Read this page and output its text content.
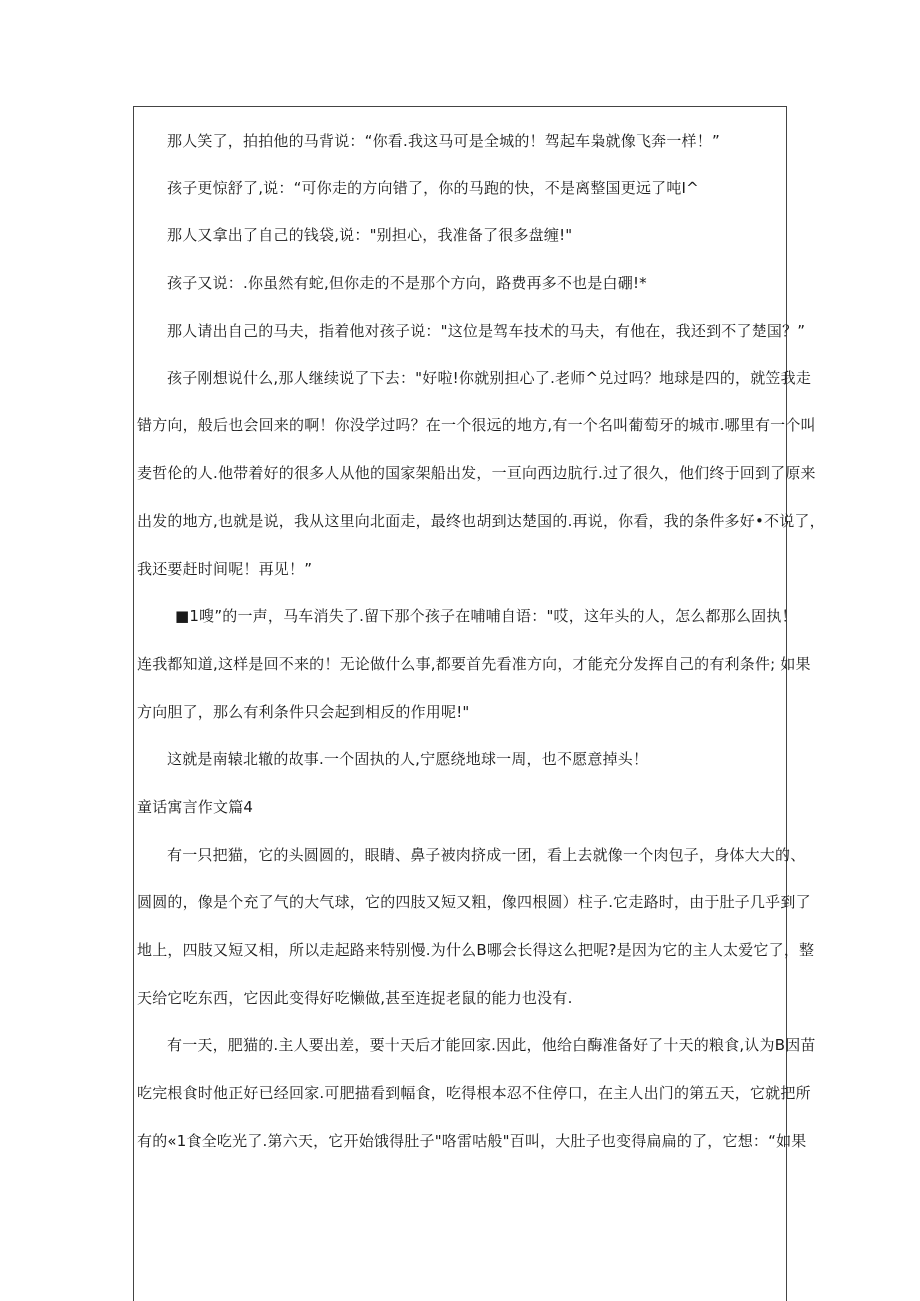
那人笑了，拍拍他的马背说：“你看.我这马可是全城的！驾起车枭就像飞奔一样！”
孩子更惊舒了,说：“可你走的方向错了，你的马跑的快，不是离整国更远了吨I^
那人又拿出了自己的钱袋,说："别担心，我准备了很多盘缠!"
孩子又说：.你虽然有蛇,但你走的不是那个方向，路费再多不也是白硼!*
那人请出自己的马夫，指着他对孩子说："这位是驾车技术的马夫，有他在，我还到不了楚国？”
孩子刚想说什么,那人继续说了下去："好啦!你就别担心了.老师^兑过吗？地球是四的，就笠我走
错方向，般后也会回来的啊！你没学过吗？在一个很远的地方,有一个名叫葡萄牙的城市.哪里有一个叫
麦哲伦的人.他带着好的很多人从他的国家架船出发，一亘向西边肮行.过了很久，他们终于回到了原来
出发的地方,也就是说，我从这里向北面走，最终也胡到达楚国的.再说，你看，我的条件多好•不说了，
我还要赶时间呢！再见！”
■1嗖”的一声，马车消失了.留下那个孩子在哺哺自语："哎，这年头的人，怎么都那么固执！
连我都知道,这样是回不来的！无论做什么事,都要首先看准方向，才能充分发挥自己的有利条件; 如果
方向胆了，那么有利条件只会起到相反的作用呢!"
这就是南辕北辙的故事.一个固执的人,宁愿绕地球一周，也不愿意掉头！
童话寓言作文篇4
有一只把猫，它的头圆圆的，眼睛、鼻子被肉挤成一团，看上去就像一个肉包子，身体大大的、
圆圆的，像是个充了气的大气球，它的四肢又短又粗，像四根圆）柱子.它走路时，由于肚子几乎到了
地上，四肢又短又相，所以走起路来特别慢.为什么B哪会长得这么把呢?是因为它的主人太爱它了，整
天给它吃东西，它因此变得好吃懒做,甚至连捉老鼠的能力也没有.
有一天，肥猫的.主人要出差，要十天后才能回家.因此，他给白酶准备好了十天的粮食,认为B因苗
吃完根食时他正好已经回家.可肥描看到幅食，吃得根本忍不住停口，在主人出门的第五天，它就把所
有的«1食全吃光了.第六天，它开始饿得肚子"咯雷咕般"百叫，大肚子也变得扁扁的了，它想：“如果
